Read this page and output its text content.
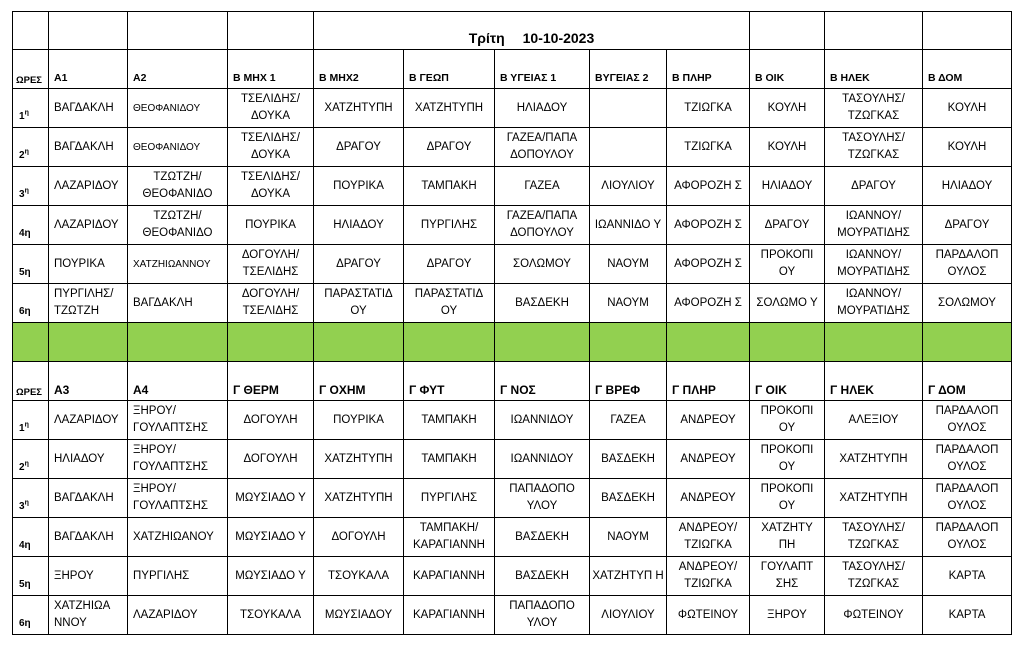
				Τρίτη 10-10-2023							
ΩΡΕΣ	Α1	Α2	Β ΜΗΧ 1	Β ΜΗΧ2	Β ΓΕΩΠ	Β ΥΓΕΙΑΣ 1	ΒΥΓΕΙΑΣ 2	Β ΠΛΗΡ	Β ΟΙΚ	Β ΗΛΕΚ	Β ΔΟΜ
$1^\eta$	ΒΑΓΔΑΚΛΗ	ΘΕΟΦΑΝΙΔΟΥ	ΤΣΕΛΙΔΗΣ/ ΔΟΥΚΑ	ΧΑΤΖΗΤΥΠΗ	ΧΑΤΖΗΤΥΠΗ	ΗΛΙΑΔΟΥ		ΤΖΙΩΓΚΑ	ΚΟΥΛΗ	ΤΑΣΟΥΛΗΣ/ ΤΖΩΓΚΑΣ	ΚΟΥΛΗ
$2^\eta$	ΒΑΓΔΑΚΛΗ	ΘΕΟΦΑΝΙΔΟΥ	ΤΣΕΛΙΔΗΣ/ ΔΟΥΚΑ	ΔΡΑΓΟΥ	ΔΡΑΓΟΥ	ΓΑΖΕΑ/ΠΑΠΑ ΔΟΠΟΥΛΟΥ		ΤΖΙΩΓΚΑ	ΚΟΥΛΗ	ΤΑΣΟΥΛΗΣ/ ΤΖΩΓΚΑΣ	ΚΟΥΛΗ
$3^\eta$	ΛΑΖΑΡΙΔΟΥ	ΤΖΩΤΖΗ/ ΘΕΟΦΑΝΙΔΟ	ΤΣΕΛΙΔΗΣ/ ΔΟΥΚΑ	ΠΟΥΡΙΚΑ	ΤΑΜΠΑΚΗ	ΓΑΖΕΑ	ΛΙΟΥΛΙΟΥ	ΑΦΟΡΟΖΗ Σ	ΗΛΙΑΔΟΥ	ΔΡΑΓΟΥ	ΗΛΙΑΔΟΥ
4η	ΛΑΖΑΡΙΔΟΥ	ΤΖΩΤΖΗ/ ΘΕΟΦΑΝΙΔΟ	ΠΟΥΡΙΚΑ	ΗΛΙΑΔΟΥ	ΠΥΡΓΙΛΗΣ	ΓΑΖΕΑ/ΠΑΠΑ ΔΟΠΟΥΛΟΥ	ΙΩΑΝΝΙΔΟ Υ	ΑΦΟΡΟΖΗ Σ	ΔΡΑΓΟΥ	ΙΩΑΝΝΟΥ/ ΜΟΥΡΑΤΙΔΗΣ	ΔΡΑΓΟΥ
5η	ΠΟΥΡΙΚΑ	ΧΑΤΖΗΙΩΑΝΝΟΥ	ΔΟΓΟΥΛΗ/ ΤΣΕΛΙΔΗΣ	ΔΡΑΓΟΥ	ΔΡΑΓΟΥ	ΣΟΛΩΜΟΥ	ΝΑΟΥΜ	ΑΦΟΡΟΖΗ Σ	ΠΡΟΚΟΠΙ ΟΥ	ΙΩΑΝΝΟΥ/ ΜΟΥΡΑΤΙΔΗΣ	ΠΑΡΔΑΛΟΠ ΟΥΛΟΣ
6η	ΠΥΡΓΙΛΗΣ/ ΤΖΩΤΖΗ	ΒΑΓΔΑΚΛΗ	ΔΟΓΟΥΛΗ/ ΤΣΕΛΙΔΗΣ	ΠΑΡΑΣΤΑΤΙΔ ΟΥ	ΠΑΡΑΣΤΑΤΙΔ ΟΥ	ΒΑΣΔΕΚΗ	ΝΑΟΥΜ	ΑΦΟΡΟΖΗ Σ	ΣΟΛΩΜΟ Υ	ΙΩΑΝΝΟΥ/ ΜΟΥΡΑΤΙΔΗΣ	ΣΟΛΩΜΟΥ

ΩΡΕΣ	Α3	Α4	Γ ΘΕΡΜ	Γ ΟΧΗΜ	Γ ΦΥΤ	Γ ΝΟΣ	Γ ΒΡΕΦ	Γ ΠΛΗΡ	Γ ΟΙΚ	Γ ΗΛΕΚ	Γ ΔΟΜ
$1^\eta$	ΛΑΖΑΡΙΔΟΥ	ΞΗΡΟΥ/ ΓΟΥΛΑΠΤΣΗΣ	ΔΟΓΟΥΛΗ	ΠΟΥΡΙΚΑ	ΤΑΜΠΑΚΗ	ΙΩΑΝΝΙΔΟΥ	ΓΑΖΕΑ	ΑΝΔΡΕΟΥ	ΠΡΟΚΟΠΙ ΟΥ	ΑΛΕΞΙΟΥ	ΠΑΡΔΑΛΟΠ ΟΥΛΟΣ
$2^\eta$	ΗΛΙΑΔΟΥ	ΞΗΡΟΥ/ ΓΟΥΛΑΠΤΣΗΣ	ΔΟΓΟΥΛΗ	ΧΑΤΖΗΤΥΠΗ	ΤΑΜΠΑΚΗ	ΙΩΑΝΝΙΔΟΥ	ΒΑΣΔΕΚΗ	ΑΝΔΡΕΟΥ	ΠΡΟΚΟΠΙ ΟΥ	ΧΑΤΖΗΤΥΠΗ	ΠΑΡΔΑΛΟΠ ΟΥΛΟΣ
$3^\eta$	ΒΑΓΔΑΚΛΗ	ΞΗΡΟΥ/ ΓΟΥΛΑΠΤΣΗΣ	ΜΩΥΣΙΑΔΟ Υ	ΧΑΤΖΗΤΥΠΗ	ΠΥΡΓΙΛΗΣ	ΠΑΠΑΔΟΠΟ ΥΛΟΥ	ΒΑΣΔΕΚΗ	ΑΝΔΡΕΟΥ	ΠΡΟΚΟΠΙ ΟΥ	ΧΑΤΖΗΤΥΠΗ	ΠΑΡΔΑΛΟΠ ΟΥΛΟΣ
4η	ΒΑΓΔΑΚΛΗ	ΧΑΤΖΗΙΩΑΝΟΥ	ΜΩΥΣΙΑΔΟ Υ	ΔΟΓΟΥΛΗ	ΤΑΜΠΑΚΗ/ ΚΑΡΑΓΙΑΝΝΗ	ΒΑΣΔΕΚΗ	ΝΑΟΥΜ	ΑΝΔΡΕΟΥ/ ΤΖΙΩΓΚΑ	ΧΑΤΖΗΤΥ ΠΗ	ΤΑΣΟΥΛΗΣ/ ΤΖΩΓΚΑΣ	ΠΑΡΔΑΛΟΠ ΟΥΛΟΣ
5η	ΞΗΡΟΥ	ΠΥΡΓΙΛΗΣ	ΜΩΥΣΙΑΔΟ Υ	ΤΣΟΥΚΑΛΑ	ΚΑΡΑΓΙΑΝΝΗ	ΒΑΣΔΕΚΗ	ΧΑΤΖΗΤΥΠ Η	ΑΝΔΡΕΟΥ/ ΤΖΙΩΓΚΑ	ΓΟΥΛΑΠΤ ΣΗΣ	ΤΑΣΟΥΛΗΣ/ ΤΖΩΓΚΑΣ	ΚΑΡΤΑ
6η	ΧΑΤΖΗΙΩΑ ΝΝΟΥ	ΛΑΖΑΡΙΔΟΥ	ΤΣΟΥΚΑΛΑ	ΜΩΥΣΙΑΔΟΥ	ΚΑΡΑΓΙΑΝΝΗ	ΠΑΠΑΔΟΠΟ ΥΛΟΥ	ΛΙΟΥΛΙΟΥ	ΦΩΤΕΙΝΟΥ	ΞΗΡΟΥ	ΦΩΤΕΙΝΟΥ	ΚΑΡΤΑ
